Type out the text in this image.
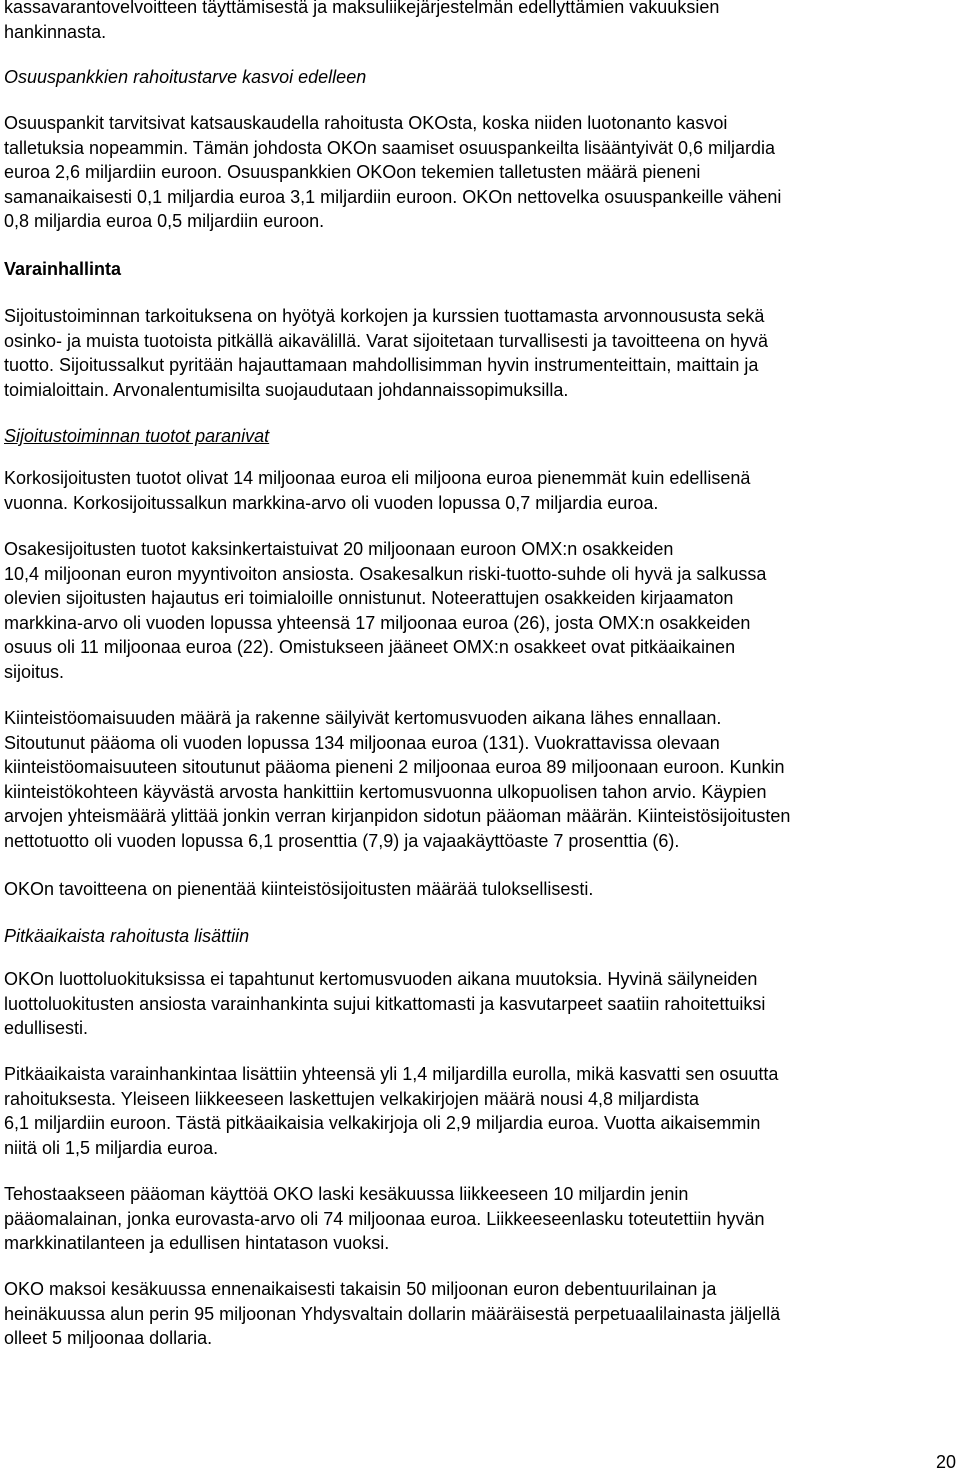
kassavarantovelvoitteen täyttämisestä ja maksuliikejärjestelmän edellyttämien vakuuksien
hankinnasta.

Osuuspankkien rahoitustarve kasvoi edelleen

Osuuspankit tarvitsivat katsauskaudella rahoitusta OKOsta, koska niiden luotonanto kasvoi
talletuksia nopeammin. Tämän johdosta OKOn saamiset osuuspankeilta lisääntyivät 0,6 miljardia
euroa 2,6 miljardiin euroon. Osuuspankkien OKOon tekemien talletusten määrä pieneni
samanaikaisesti 0,1 miljardia euroa 3,1 miljardiin euroon. OKOn nettovelka osuuspankeille väheni
0,8 miljardia euroa 0,5 miljardiin euroon.

Varainhallinta

Sijoitustoiminnan tarkoituksena on hyötyä korkojen ja kurssien tuottamasta arvonnoususta sekä
osinko- ja muista tuotoista pitkällä aikavälillä. Varat sijoitetaan turvallisesti ja tavoitteena on hyvä
tuotto. Sijoitussalkut pyritään hajauttamaan mahdollisimman hyvin instrumenteittain, maittain ja
toimialoittain. Arvonalentumisilta suojaudutaan johdannaissopimuksilla.

Sijoitustoiminnan tuotot paranivat

Korkosijoitusten tuotot olivat 14 miljoonaa euroa eli miljoona euroa pienemmät kuin edellisenä
vuonna. Korkosijoitussalkun markkina-arvo oli vuoden lopussa 0,7 miljardia euroa.

Osakesijoitusten tuotot kaksinkertaistuivat 20 miljoonaan euroon OMX:n osakkeiden
10,4 miljoonan euron myyntivoiton ansiosta. Osakesalkun riski-tuotto-suhde oli hyvä ja salkussa
olevien sijoitusten hajautus eri toimialoille onnistunut. Noteerattujen osakkeiden kirjaamaton
markkina-arvo oli vuoden lopussa yhteensä 17 miljoonaa euroa (26), josta OMX:n osakkeiden
osuus oli 11 miljoonaa euroa (22). Omistukseen jääneet OMX:n osakkeet ovat pitkäaikainen
sijoitus.

Kiinteistöomaisuuden määrä ja rakenne säilyivät kertomusvuoden aikana lähes ennallaan.
Sitoutunut pääoma oli vuoden lopussa 134 miljoonaa euroa (131). Vuokrattavissa olevaan
kiinteistöomaisuuteen sitoutunut pääoma pieneni 2 miljoonaa euroa 89 miljoonaan euroon. Kunkin
kiinteistökohteen käyvästä arvosta hankittiin kertomusvuonna ulkopuolisen tahon arvio. Käypien
arvojen yhteismäärä ylittää jonkin verran kirjanpidon sidotun pääoman määrän. Kiinteistösijoitusten
nettotuotto oli vuoden lopussa 6,1 prosenttia (7,9) ja vajaakäyttöaste 7 prosenttia (6).

OKOn tavoitteena on pienentää kiinteistösijoitusten määrää tuloksellisesti.

Pitkäaikaista rahoitusta lisättiin

OKOn luottoluokituksissa ei tapahtunut kertomusvuoden aikana muutoksia. Hyvinä säilyneiden
luottoluokitusten ansiosta varainhankinta sujui kitkattomasti ja kasvutarpeet saatiin rahoitettuiksi
edullisesti.

Pitkäaikaista varainhankintaa lisättiin yhteensä yli 1,4 miljardilla eurolla, mikä kasvatti sen osuutta
rahoituksesta. Yleiseen liikkeeseen laskettujen velkakirjojen määrä nousi 4,8 miljardista
6,1 miljardiin euroon. Tästä pitkäaikaisia velkakirjoja oli 2,9 miljardia euroa. Vuotta aikaisemmin
niitä oli 1,5 miljardia euroa.

Tehostaakseen pääoman käyttöä OKO laski kesäkuussa liikkeeseen 10 miljardin jenin
pääomalainan, jonka eurovasta-arvo oli 74 miljoonaa euroa. Liikkeeseenlasku toteutettiin hyvän
markkinatilanteen ja edullisen hintatason vuoksi.

OKO maksoi kesäkuussa ennenaikaisesti takaisin 50 miljoonan euron debentuurilainan ja
heinäkuussa alun perin 95 miljoonan Yhdysvaltain dollarin määräisestä perpetuaalilainasta jäljellä
olleet 5 miljoonaa dollaria.

20
